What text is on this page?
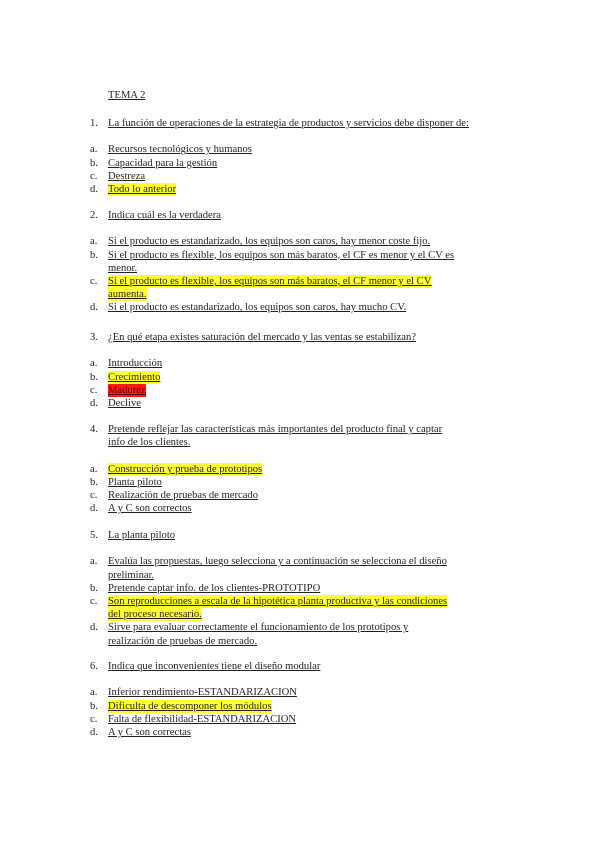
TEMA 2
1. La función de operaciones de la estrategia de productos y servicios debe disponer de:
a.	Recursos tecnológicos y humanos
b. Capacidad para la gestión
c.	Destreza
d. Todo lo anterior
2. Indica cuál es la verdadera
a.	Si el producto es estandarizado, los equipos son caros, hay menor coste fijo.
b. Si el producto es flexible, los equipos son más baratos, el CF es menor y el CV es
menor.
c.	Si el producto es flexible, los equipos son más baratos, el CF menor y el CV
aumenta.
d. Si el producto es estandarizado, los equipos son caros, hay mucho CV.
3. ¿En qué etapa existes saturación del mercado y las ventas se estabilizan?
a.	Introducción
b. Crecimiento
c.	Madurez
d. Declive
4. Pretende reflejar las características más importantes del producto final y captar
info de los clientes.
a.	Construcción y prueba de prototipos
b. Planta piloto
c.	Realización de pruebas de mercado
d. A y C son correctos
5. La planta piloto
a.	Evalúa las propuestas, luego selecciona y a continuación se selecciona el diseño
preliminar.
b. Pretende captar info. de los clientes-PROTOTIPO
c.	Son reproducciones a escala de la hipotética planta productiva y las condiciones
del proceso necesario.
d. Sirve para evaluar correctamente el funcionamiento de los prototipos y
realización de pruebas de mercado.
6. Indica que inconvenientes tiene el diseño modular
a.	Inferior rendimiento-ESTANDARIZACION
b. Dificulta de descomponer los módulos
c.	Falta de flexibilidad-ESTANDARIZACION
d. A y C son correctas
